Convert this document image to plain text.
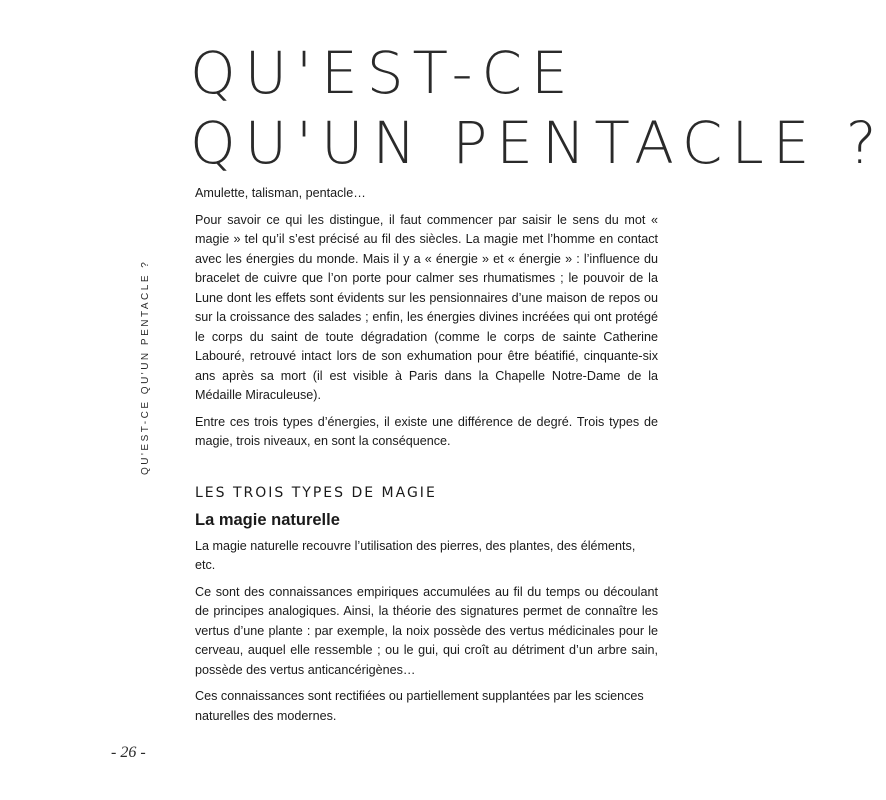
QU'EST-CE
QU'UN PENTACLE ?
QU'EST-CE QU'UN PENTACLE ?

Amulette, talisman, pentacle…

Pour savoir ce qui les distingue, il faut commencer par saisir le sens du mot « magie » tel qu’il s’est précisé au fil des siècles. La magie met l’homme en contact avec les énergies du monde. Mais il y a « énergie » et « énergie » : l’influence du bracelet de cuivre que l’on porte pour calmer ses rhumatismes ; le pouvoir de la Lune dont les effets sont évidents sur les pensionnaires d’une maison de repos ou sur la croissance des salades ; enfin, les énergies divines incréées qui ont protégé le corps du saint de toute dégradation (comme le corps de sainte Catherine Labouré, retrouvé intact lors de son exhumation pour être béatifié, cinquante-six ans après sa mort (il est visible à Paris dans la Chapelle Notre-Dame de la Médaille Miraculeuse).

Entre ces trois types d’énergies, il existe une différence de degré. Trois types de magie, trois niveaux, en sont la conséquence.

LES TROIS TYPES DE MAGIE
La magie naturelle

La magie naturelle recouvre l’utilisation des pierres, des plantes, des éléments, etc.

Ce sont des connaissances empiriques accumulées au fil du temps ou découlant de principes analogiques. Ainsi, la théorie des signatures permet de connaître les vertus d’une plante : par exemple, la noix possède des vertus médicinales pour le cerveau, auquel elle ressemble ; ou le gui, qui croît au détriment d’un arbre sain, possède des vertus anticancérigènes…

Ces connaissances sont rectifiées ou partiellement supplantées par les sciences naturelles des modernes.

- 26 -
